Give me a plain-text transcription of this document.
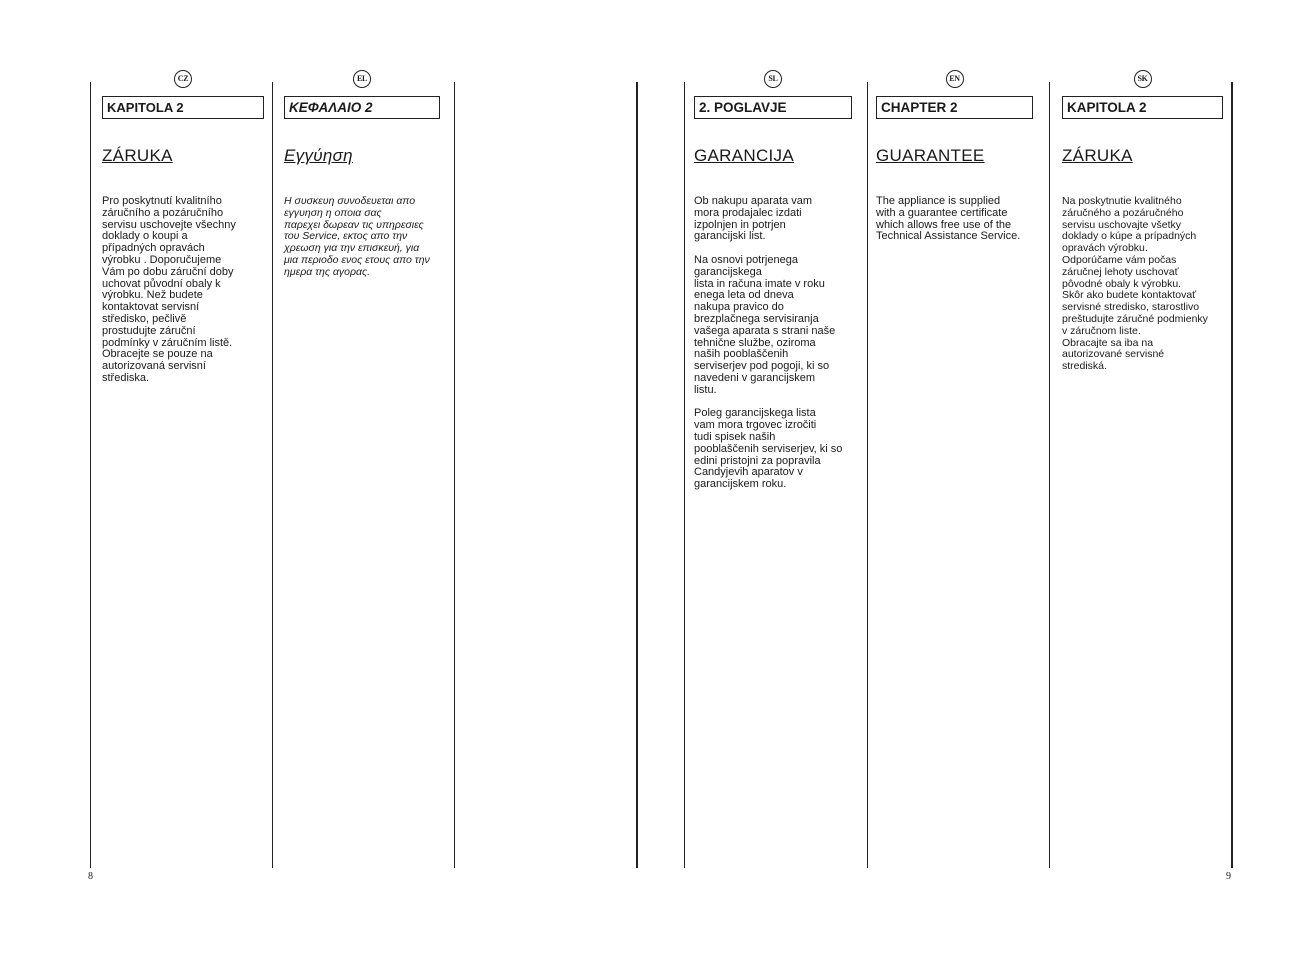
CZ
KAPITOLA 2
ZÁRUKA
Pro poskytnutí kvalitního
záručního a pozáručního
servisu uschovejte všechny
doklady o koupi a
případných opravách
výrobku . Doporučujeme
Vám po dobu záruční doby
uchovat původní obaly k
výrobku. Než budete
kontaktovat servisní
středisko, pečlivě
prostudujte záruční
podmínky v záručním listě.
Obracejte se pouze na
autorizovaná servisní
střediska.
EL
ΚΕΦΑΛΑΙΟ 2
Εγγύηση
Η συσκευη συνοδευεται απο
εγγυηση η οποια σας
παρεχει δωρεαν τις υπηρεσιες
του Service, εκτος απο την
χρεωση για την επισκευή, για
μια περιοδο ενος ετους απο την
ημερα της αγορας.
8
SL
2. POGLAVJE
GARANCIJA
Ob nakupu aparata vam
mora prodajalec izdati
izpolnjen in potrjen
garancijski list.

Na osnovi potrjenega
garancijskega
lista in računa imate v roku
enega leta od dneva
nakupa pravico do
brezplačnega servisiranja
vašega aparata s strani naše
tehnične službe, oziroma
naših pooblaščenih
serviserjev pod pogoji, ki so
navedeni v garancijskem
listu.

Poleg garancijskega lista
vam mora trgovec izročiti
tudi spisek naših
pooblaščenih serviserjev, ki so
edini pristojni za popravila
Candyjevih aparatov v
garancijskem roku.
EN
CHAPTER 2
GUARANTEE
The appliance is supplied
with a guarantee certificate
which allows free use of the
Technical Assistance Service.
SK
KAPITOLA 2
ZÁRUKA
Na poskytnutie kvalitného
záručného a pozáručného
servisu uschovajte všetky
doklady o kúpe a prípadných
opravách výrobku.
Odporúčame vám počas
záručnej lehoty uschovať
pôvodné obaly k výrobku.
Skôr ako budete kontaktovať
servisné stredisko, starostlivo
preštudujte záručné podmienky
v záručnom liste.
Obracajte sa iba na
autorizované servisné
strediská.
9
